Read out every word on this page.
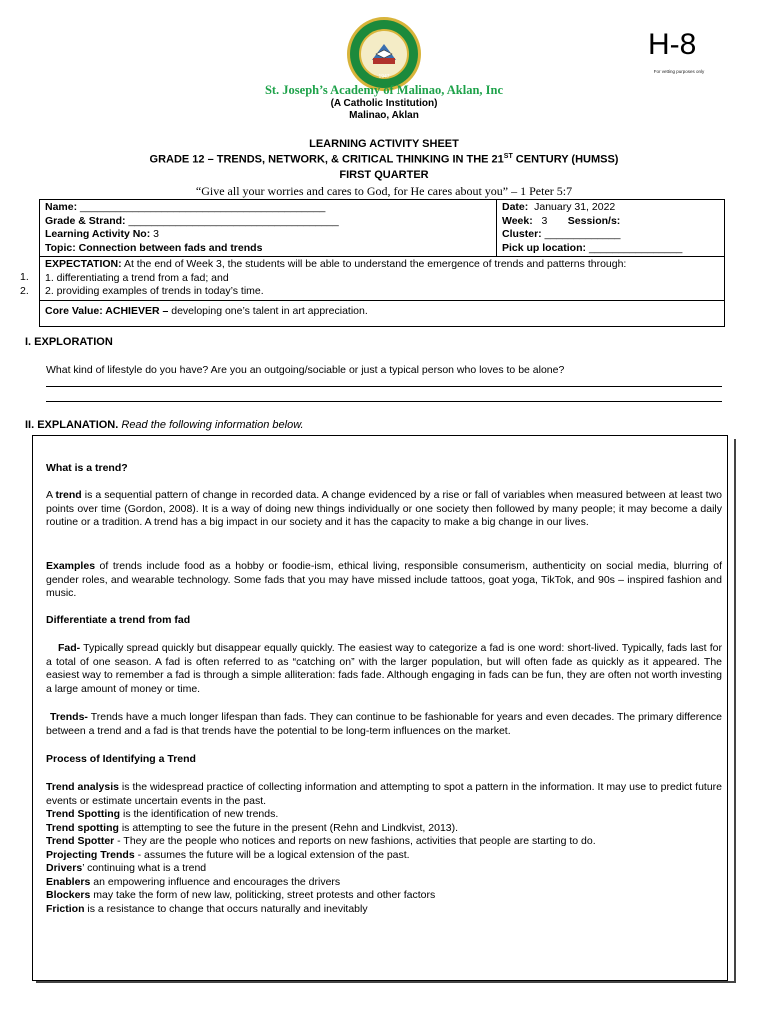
1947
H-8
For vetting purposes only
St. Joseph’s Academy of Malinao, Aklan, Inc
(A Catholic Institution)
Malinao, Aklan
LEARNING ACTIVITY SHEET
GRADE 12 – TRENDS, NETWORK, & CRITICAL THINKING IN THE 21ST CENTURY (HUMSS)
FIRST QUARTER
“Give all your worries and cares to God, for He cares about you” – 1 Peter 5:7
Name: __________________________________________
Grade & Strand: ____________________________________
Learning Activity No: 3
Topic: Connection between fads and trends

Date: January 31, 2022
Week: 3 Session/s:
Cluster: _____________
Pick up location: ________________

EXPECTATION: At the end of Week 3, the students will be able to understand the emergence of trends and patterns through:
1. differentiating a trend from a fad; and
2. providing examples of trends in today’s time.

Core Value: ACHIEVER – developing one’s talent in art appreciation.
1.
2.
I. EXPLORATION
What kind of lifestyle do you have? Are you an outgoing/sociable or just a typical person who loves to be alone?
II. EXPLANATION. Read the following information below.
What is a trend?
A trend is a sequential pattern of change in recorded data. A change evidenced by a rise or fall of variables when measured between at least two points over time (Gordon, 2008). It is a way of doing new things individually or one society then followed by many people; it may become a daily routine or a tradition. A trend has a big impact in our society and it has the capacity to make a big change in our lives.
Examples of trends include food as a hobby or foodie-ism, ethical living, responsible consumerism, authenticity on social media, blurring of gender roles, and wearable technology. Some fads that you may have missed include tattoos, goat yoga, TikTok, and 90s – inspired fashion and music.
Differentiate a trend from fad
Fad- Typically spread quickly but disappear equally quickly. The easiest way to categorize a fad is one word: short-lived. Typically, fads last for a total of one season. A fad is often referred to as “catching on” with the larger population, but will often fade as quickly as it appeared. The easiest way to remember a fad is through a simple alliteration: fads fade. Although engaging in fads can be fun, they are often not worth investing a large amount of money or time.
Trends- Trends have a much longer lifespan than fads. They can continue to be fashionable for years and even decades. The primary difference between a trend and a fad is that trends have the potential to be long-term influences on the market.
Process of Identifying a Trend
Trend analysis is the widespread practice of collecting information and attempting to spot a pattern in the information. It may use to predict future events or estimate uncertain events in the past.
Trend Spotting is the identification of new trends.
Trend spotting is attempting to see the future in the present (Rehn and Lindkvist, 2013).
Trend Spotter - They are the people who notices and reports on new fashions, activities that people are starting to do.
Projecting Trends - assumes the future will be a logical extension of the past.
Drivers’ continuing what is a trend
Enablers an empowering influence and encourages the drivers
Blockers may take the form of new law, politicking, street protests and other factors
Friction is a resistance to change that occurs naturally and inevitably
